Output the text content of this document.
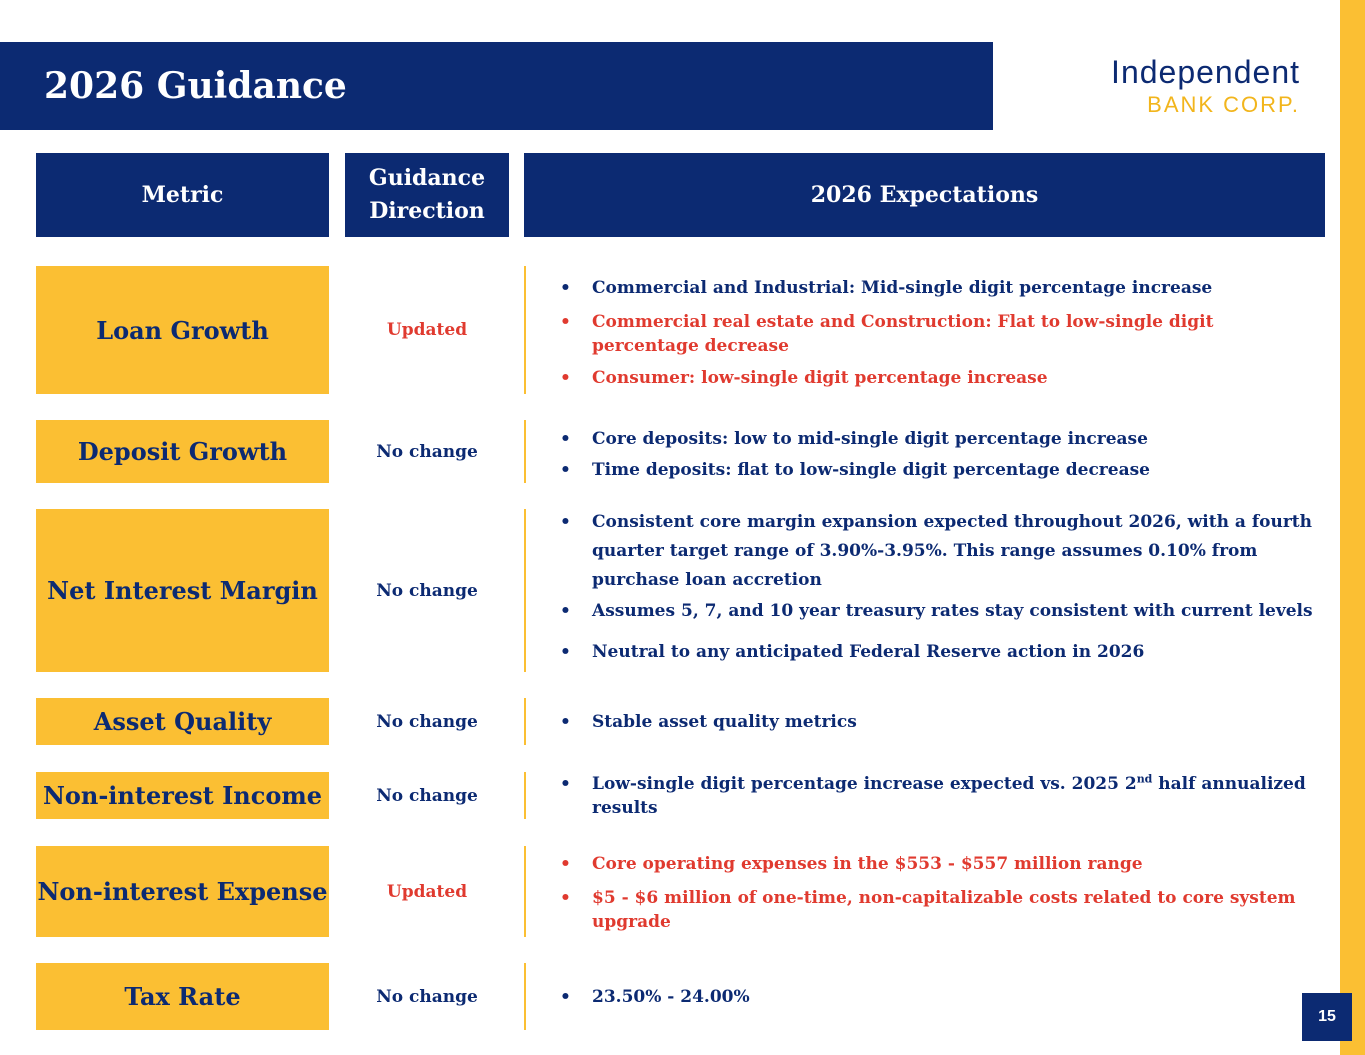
2026 Guidance	Independent
BANK CORP.
Metric
Guidance Direction
2026 Expectations
Loan Growth	Updated
• Commercial and Industrial: Mid-single digit percentage increase
• Commercial real estate and Construction: Flat to low-single digit percentage decrease
• Consumer: low-single digit percentage increase
Deposit Growth	No change
• Core deposits: low to mid-single digit percentage increase
• Time deposits: flat to low-single digit percentage decrease
Net Interest Margin	No change
• Consistent core margin expansion expected throughout 2026, with a fourth quarter target range of 3.90%-3.95%. This range assumes 0.10% from purchase loan accretion
• Assumes 5, 7, and 10 year treasury rates stay consistent with current levels
• Neutral to any anticipated Federal Reserve action in 2026
Asset Quality	No change	• Stable asset quality metrics
Non-interest Income	No change
• Low-single digit percentage increase expected vs. 2025 2nd half annualized results
Non-interest Expense	Updated
• Core operating expenses in the $553 - $557 million range
• $5 - $6 million of one-time, non-capitalizable costs related to core system upgrade
Tax Rate	No change	• 23.50% - 24.00%
15
